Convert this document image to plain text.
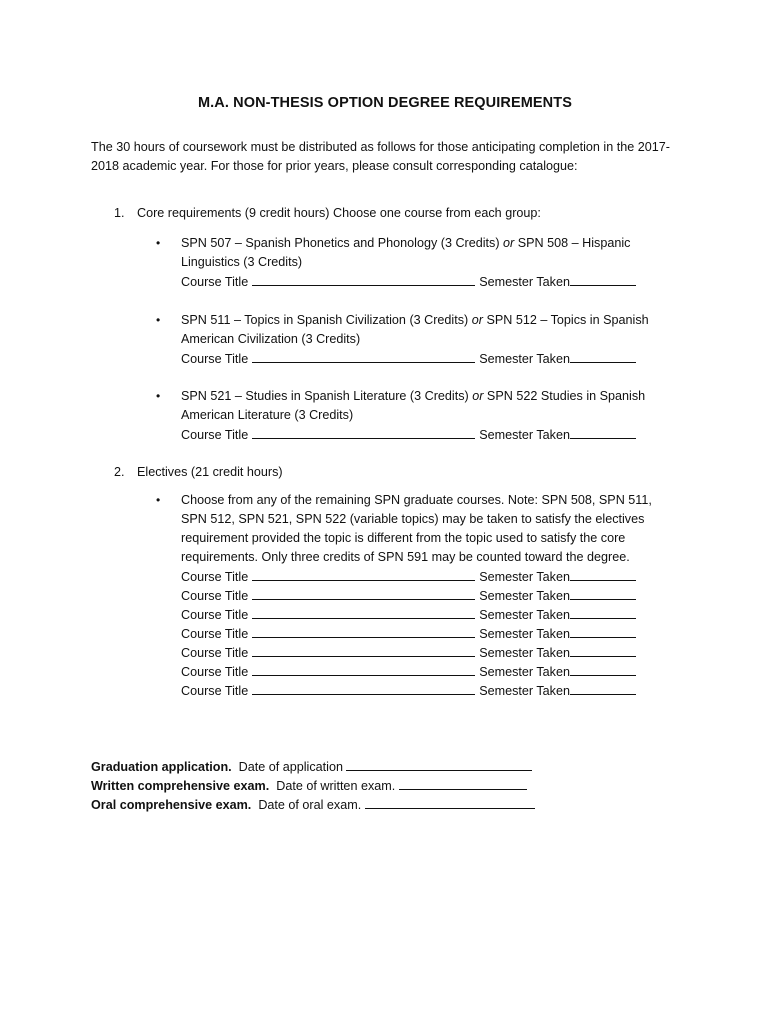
M.A. NON-THESIS OPTION DEGREE REQUIREMENTS
The 30 hours of coursework must be distributed as follows for those anticipating completion in the 2017-2018 academic year. For those for prior years, please consult corresponding catalogue:
1. Core requirements (9 credit hours) Choose one course from each group:
• SPN 507 – Spanish Phonetics and Phonology (3 Credits) or SPN 508 – Hispanic Linguistics (3 Credits)
Course Title	Semester Taken
• SPN 511 – Topics in Spanish Civilization (3 Credits) or SPN 512 – Topics in Spanish American Civilization (3 Credits)
Course Title	Semester Taken
• SPN 521 – Studies in Spanish Literature (3 Credits) or SPN 522 Studies in Spanish American Literature (3 Credits)
Course Title	Semester Taken
2. Electives (21 credit hours)
• Choose from any of the remaining SPN graduate courses. Note: SPN 508, SPN 511, SPN 512, SPN 521, SPN 522 (variable topics) may be taken to satisfy the electives requirement provided the topic is different from the topic used to satisfy the core requirements. Only three credits of SPN 591 may be counted toward the degree.
Course Title	Semester Taken
Course Title	Semester Taken
Course Title	Semester Taken
Course Title	Semester Taken
Course Title	Semester Taken
Course Title	Semester Taken
Course Title	Semester Taken
Graduation application. Date of application
Written comprehensive exam. Date of written exam.
Oral comprehensive exam. Date of oral exam.
